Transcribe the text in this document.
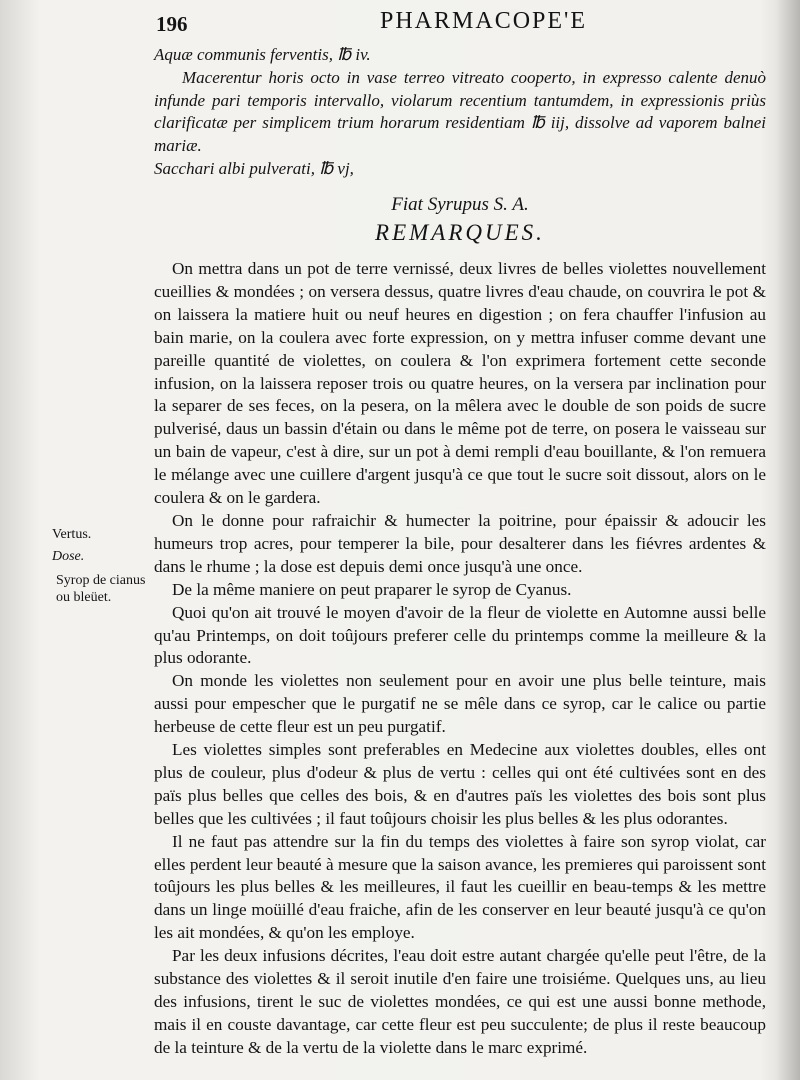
196	PHARMACOPE'E

Aquæ communis ferventis, ℔ iv.

Macerentur horis octo in vase terreo vitreato cooperto, in expresso calente denuò infunde pari temporis intervallo, violarum recentium tantumdem, in expressionis priùs clarificatæ per simplicem trium horarum residentiam ℔ iij, dissolve ad vaporem balnei mariæ.

Sacchari albi pulverati, ℔ vj,

Fiat Syrupus S. A.
REMARQUES.

On mettra dans un pot de terre vernissé, deux livres de belles violettes nouvellement cueillies & mondées ; on versera dessus, quatre livres d'eau chaude, on couvrira le pot & on laissera la matiere huit ou neuf heures en digestion ; on fera chauffer l'infusion au bain marie, on la coulera avec forte expression, on y mettra infuser comme devant une pareille quantité de violettes, on coulera & l'on exprimera fortement cette seconde infusion, on la laissera reposer trois ou quatre heures, on la versera par inclination pour la separer de ses feces, on la pesera, on la mêlera avec le double de son poids de sucre pulverisé, daus un bassin d'étain ou dans le même pot de terre, on posera le vaisseau sur un bain de vapeur, c'est à dire, sur un pot à demi rempli d'eau bouillante, & l'on remuera le mélange avec une cuillere d'argent jusqu'à ce que tout le sucre soit dissout, alors on le coulera & on le gardera.

On le donne pour rafraichir & humecter la poitrine, pour épaissir & adoucir les humeurs trop acres, pour temperer la bile, pour desalterer dans les fiévres ardentes & dans le rhume ; la dose est depuis demi once jusqu'à une once.

De la même maniere on peut praparer le syrop de Cyanus.

Quoi qu'on ait trouvé le moyen d'avoir de la fleur de violette en Automne aussi belle qu'au Printemps, on doit toûjours preferer celle du printemps comme la meilleure & la plus odorante.

On monde les violettes non seulement pour en avoir une plus belle teinture, mais aussi pour empescher que le purgatif ne se mêle dans ce syrop, car le calice ou partie herbeuse de cette fleur est un peu purgatif.

Les violettes simples sont preferables en Medecine aux violettes doubles, elles ont plus de couleur, plus d'odeur & plus de vertu : celles qui ont été cultivées sont en des païs plus belles que celles des bois, & en d'autres païs les violettes des bois sont plus belles que les cultivées ; il faut toûjours choisir les plus belles & les plus odorantes.

Il ne faut pas attendre sur la fin du temps des violettes à faire son syrop violat, car elles perdent leur beauté à mesure que la saison avance, les premieres qui paroissent sont toûjours les plus belles & les meilleures, il faut les cueillir en beau-temps & les mettre dans un linge moüillé d'eau fraiche, afin de les conserver en leur beauté jusqu'à ce qu'on les ait mondées, & qu'on les employe.

Par les deux infusions décrites, l'eau doit estre autant chargée qu'elle peut l'être, de la substance des violettes & il seroit inutile d'en faire une troisiéme. Quelques uns, au lieu des infusions, tirent le suc de violettes mondées, ce qui est une aussi bonne methode, mais il en couste davantage, car cette fleur est peu succulente; de plus il reste beaucoup de la teinture & de la vertu de la violette dans le marc exprimé.

Vertus.
Dose.
Syrop de cianus ou bleüet.
